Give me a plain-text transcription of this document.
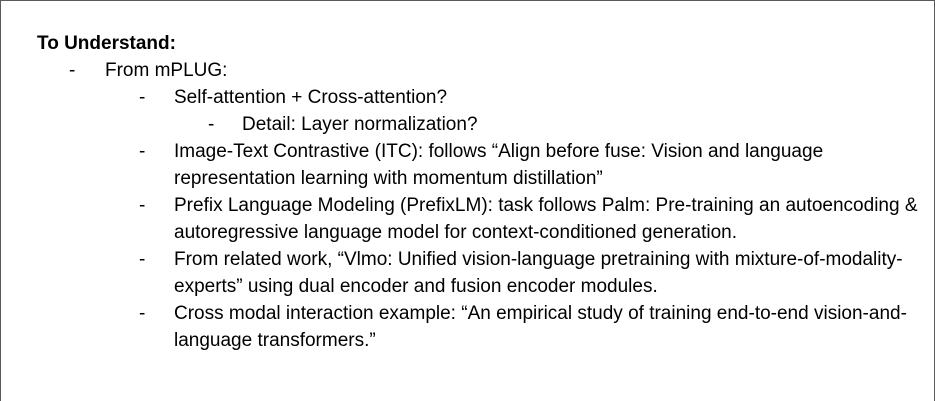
To Understand:

- From mPLUG:
- Self-attention + Cross-attention?
- Detail: Layer normalization?
- Image-Text Contrastive (ITC): follows “Align before fuse: Vision and language representation learning with momentum distillation”
- Prefix Language Modeling (PrefixLM): task follows Palm: Pre-training an autoencoding & autoregressive language model for context-conditioned generation.
- From related work, “Vlmo: Unified vision-language pretraining with mixture-of-modality-experts” using dual encoder and fusion encoder modules.
- Cross modal interaction example: “An empirical study of training end-to-end vision-and-language transformers.”
